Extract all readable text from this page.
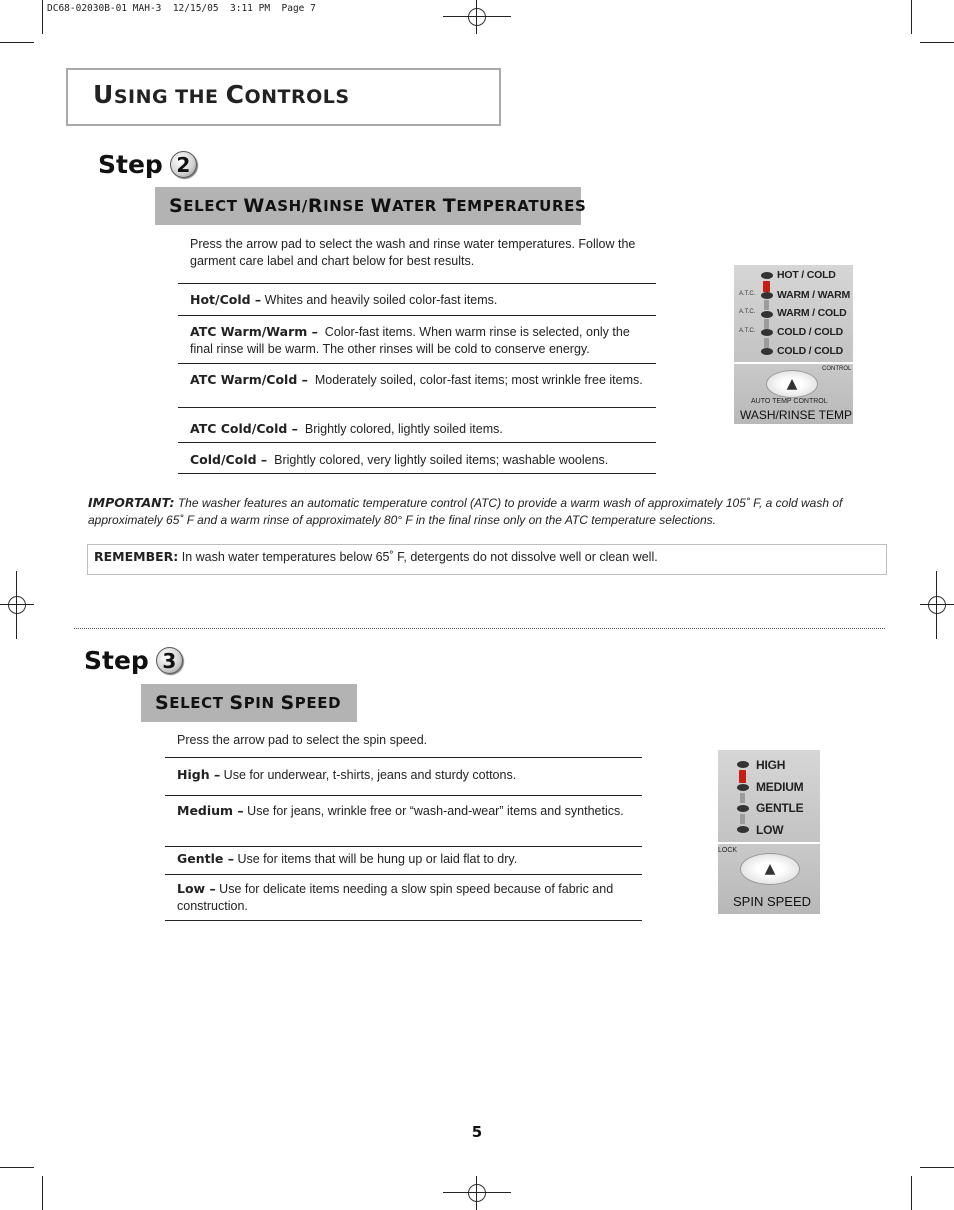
DC68-02030B-01 MAH-3  12/15/05  3:11 PM  Page 7
USING THE CONTROLS
Step 2
S ELECT W ASH/ R INSE W ATER T EMPERATURES
Press the arrow pad to select the wash and rinse water temperatures. Follow the garment care label and chart below for best results.
Hot/Cold – Whites and heavily soiled color-fast items.
ATC Warm/Warm –  Color-fast items. When warm rinse is selected, only the final rinse will be warm. The other rinses will be cold to conserve energy.
ATC Warm/Cold –  Moderately soiled, color-fast items; most wrinkle free items.
ATC Cold/Cold –  Brightly colored, lightly soiled items.
Cold/Cold –  Brightly colored, very lightly soiled items; washable woolens.
HOT / COLD
WARM / WARM
WARM / COLD
COLD / COLD
COLD / COLD
A.T.C.
A.T.C.
A.T.C.
CONTROL
▲
AUTO TEMP CONTROL
WASH/RINSE TEMP
IMPORTANT: The washer features an automatic temperature control (ATC) to provide a warm wash of approximately 105˚ F, a cold wash of approximately 65˚ F and a warm rinse of approximately 80° F in the final rinse only on the ATC temperature selections.
REMEMBER: In wash water temperatures below 65˚ F, detergents do not dissolve well or clean well.
Step 3
S ELECT S PIN S PEED
Press the arrow pad to select the spin speed.
High – Use for underwear, t-shirts, jeans and sturdy cottons.
Medium – Use for jeans, wrinkle free or “wash-and-wear” items and synthetics.
Gentle – Use for items that will be hung up or laid flat to dry.
Low – Use for delicate items needing a slow spin speed because of fabric and construction.
HIGH
MEDIUM
GENTLE
LOW
LOCK
▲
SPIN SPEED
5
